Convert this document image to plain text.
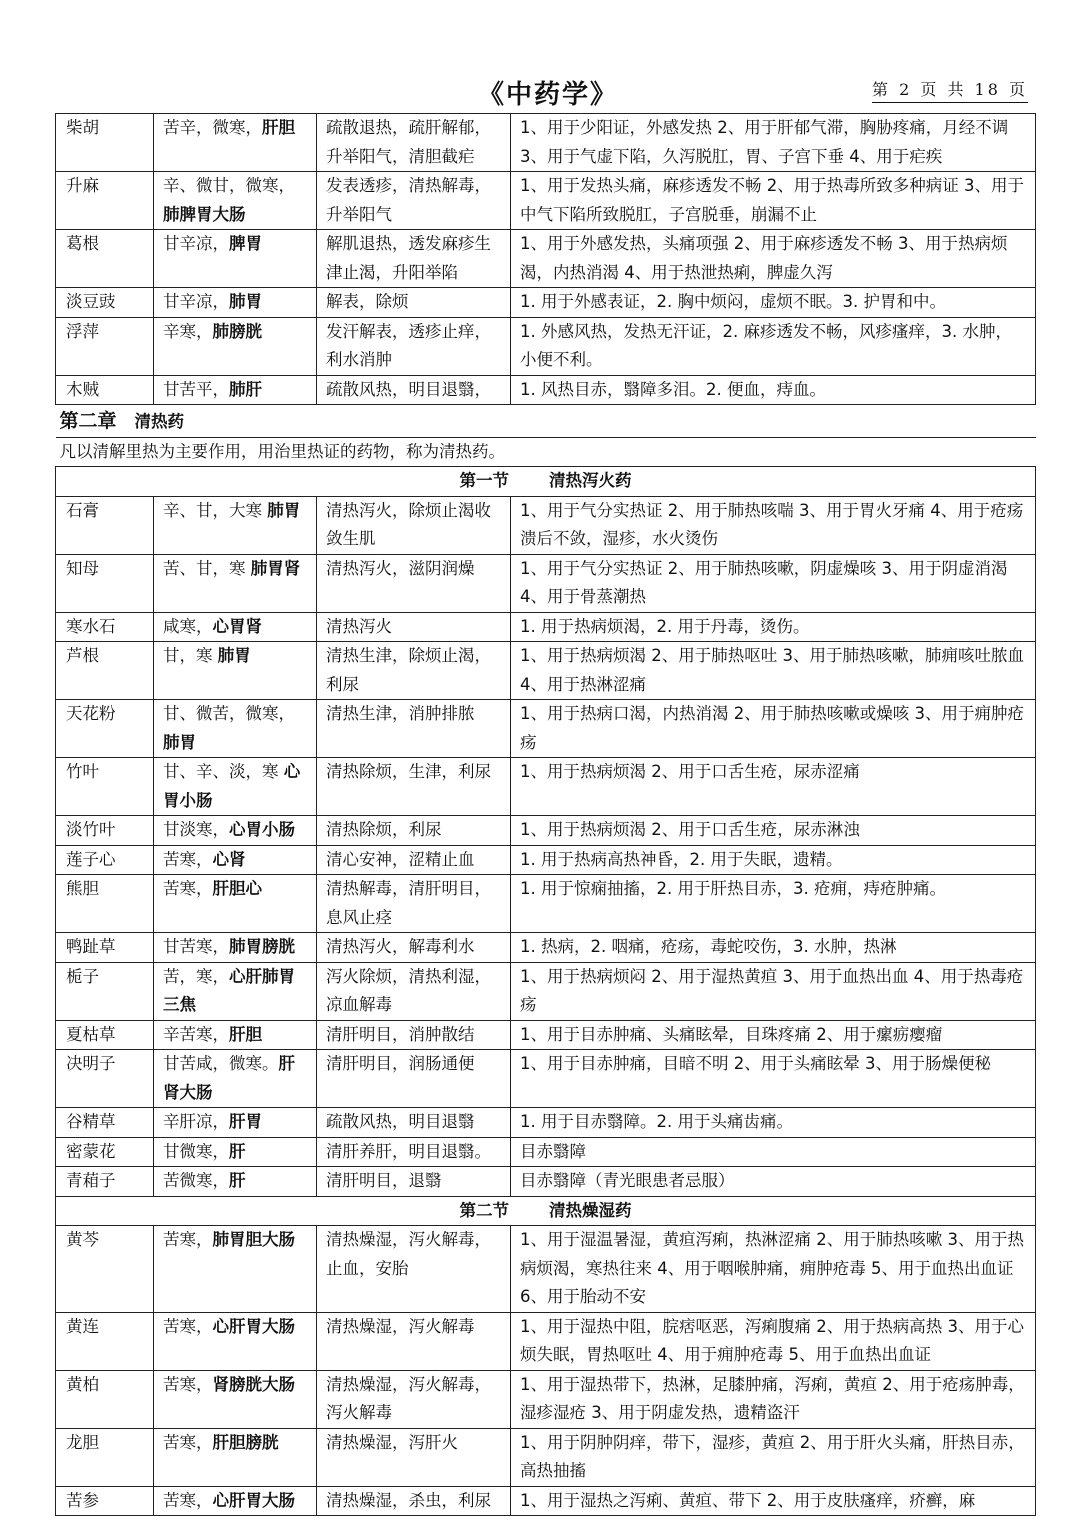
《中药学》	第 2 页 共 18 页
柴胡	苦辛，微寒，肝胆	疏散退热，疏肝解郁，升举阳气，清胆截疟	1、用于少阳证，外感发热 2、用于肝郁气滞，胸胁疼痛，月经不调 3、用于气虚下陷，久泻脱肛，胃、子宫下垂 4、用于疟疾
升麻	辛、微甘，微寒，肺脾胃大肠	发表透疹，清热解毒，升举阳气	1、用于发热头痛，麻疹透发不畅 2、用于热毒所致多种病证 3、用于中气下陷所致脱肛，子宫脱垂，崩漏不止
葛根	甘辛凉，脾胃	解肌退热，透发麻疹生津止渴，升阳举陷	1、用于外感发热，头痛项强 2、用于麻疹透发不畅 3、用于热病烦渴，内热消渴 4、用于热泄热痢，脾虚久泻
淡豆豉	甘辛凉，肺胃	解表，除烦	1. 用于外感表证，2. 胸中烦闷，虚烦不眠。3. 护胃和中。
浮萍	辛寒，肺膀胱	发汗解表，透疹止痒，利水消肿	1. 外感风热，发热无汗证，2. 麻疹透发不畅，风疹瘙痒，3. 水肿，小便不利。
木贼	甘苦平，肺肝	疏散风热，明目退翳，	1. 风热目赤，翳障多泪。2. 便血，痔血。
第二章 清热药			
凡以清解里热为主要作用，用治里热证的药物，称为清热药。			
第一节 清热泻火药			
石膏	辛、甘，大寒 肺胃	清热泻火，除烦止渴收敛生肌	1、用于气分实热证 2、用于肺热咳喘 3、用于胃火牙痛 4、用于疮疡溃后不敛，湿疹，水火烫伤
知母	苦、甘，寒 肺胃肾	清热泻火，滋阴润燥	1、用于气分实热证 2、用于肺热咳嗽，阴虚燥咳 3、用于阴虚消渴 4、用于骨蒸潮热
寒水石	咸寒，心胃肾	清热泻火	1. 用于热病烦渴，2. 用于丹毒，烫伤。
芦根	甘，寒 肺胃	清热生津，除烦止渴，利尿	1、用于热病烦渴 2、用于肺热呕吐 3、用于肺热咳嗽，肺痈咳吐脓血 4、用于热淋涩痛
天花粉	甘、微苦，微寒，肺胃	清热生津，消肿排脓	1、用于热病口渴，内热消渴 2、用于肺热咳嗽或燥咳 3、用于痈肿疮疡
竹叶	甘、辛、淡，寒 心胃小肠	清热除烦，生津，利尿	1、用于热病烦渴 2、用于口舌生疮，尿赤涩痛
淡竹叶	甘淡寒，心胃小肠	清热除烦，利尿	1、用于热病烦渴 2、用于口舌生疮，尿赤淋浊
莲子心	苦寒，心肾	清心安神，涩精止血	1. 用于热病高热神昏，2. 用于失眠，遗精。
熊胆	苦寒，肝胆心	清热解毒，清肝明目，息风止痉	1. 用于惊痫抽搐，2. 用于肝热目赤，3. 疮痈，痔疮肿痛。
鸭趾草	甘苦寒，肺胃膀胱	清热泻火，解毒利水	1. 热病，2. 咽痛，疮疡，毒蛇咬伤，3. 水肿，热淋
栀子	苦，寒，心肝肺胃三焦	泻火除烦，清热利湿，凉血解毒	1、用于热病烦闷 2、用于湿热黄疸 3、用于血热出血 4、用于热毒疮疡
夏枯草	辛苦寒，肝胆	清肝明目，消肿散结	1、用于目赤肿痛、头痛眩晕，目珠疼痛 2、用于瘰疬瘿瘤
决明子	甘苦咸，微寒。肝肾大肠	清肝明目，润肠通便	1、用于目赤肿痛，目暗不明 2、用于头痛眩晕 3、用于肠燥便秘
谷精草	辛肝凉，肝胃	疏散风热，明目退翳	1. 用于目赤翳障。2. 用于头痛齿痛。
密蒙花	甘微寒，肝	清肝养肝，明目退翳。	目赤翳障
青葙子	苦微寒，肝	清肝明目，退翳	目赤翳障（青光眼患者忌服）
第二节 清热燥湿药			
黄芩	苦寒，肺胃胆大肠	清热燥湿，泻火解毒，止血，安胎	1、用于湿温暑湿，黄疸泻痢，热淋涩痛 2、用于肺热咳嗽 3、用于热病烦渴，寒热往来 4、用于咽喉肿痛，痈肿疮毒 5、用于血热出血证 6、用于胎动不安
黄连	苦寒，心肝胃大肠	清热燥湿，泻火解毒	1、用于湿热中阻，脘痞呕恶，泻痢腹痛 2、用于热病高热 3、用于心烦失眠，胃热呕吐 4、用于痈肿疮毒 5、用于血热出血证
黄柏	苦寒，肾膀胱大肠	清热燥湿，泻火解毒，泻火解毒	1、用于湿热带下，热淋，足膝肿痛，泻痢，黄疸 2、用于疮疡肿毒，湿疹湿疮 3、用于阴虚发热，遗精盗汗
龙胆	苦寒，肝胆膀胱	清热燥湿，泻肝火	1、用于阴肿阴痒，带下，湿疹，黄疸 2、用于肝火头痛，肝热目赤，高热抽搐
苦参	苦寒，心肝胃大肠	清热燥湿，杀虫，利尿	1、用于湿热之泻痢、黄疸、带下 2、用于皮肤瘙痒，疥癣，麻
